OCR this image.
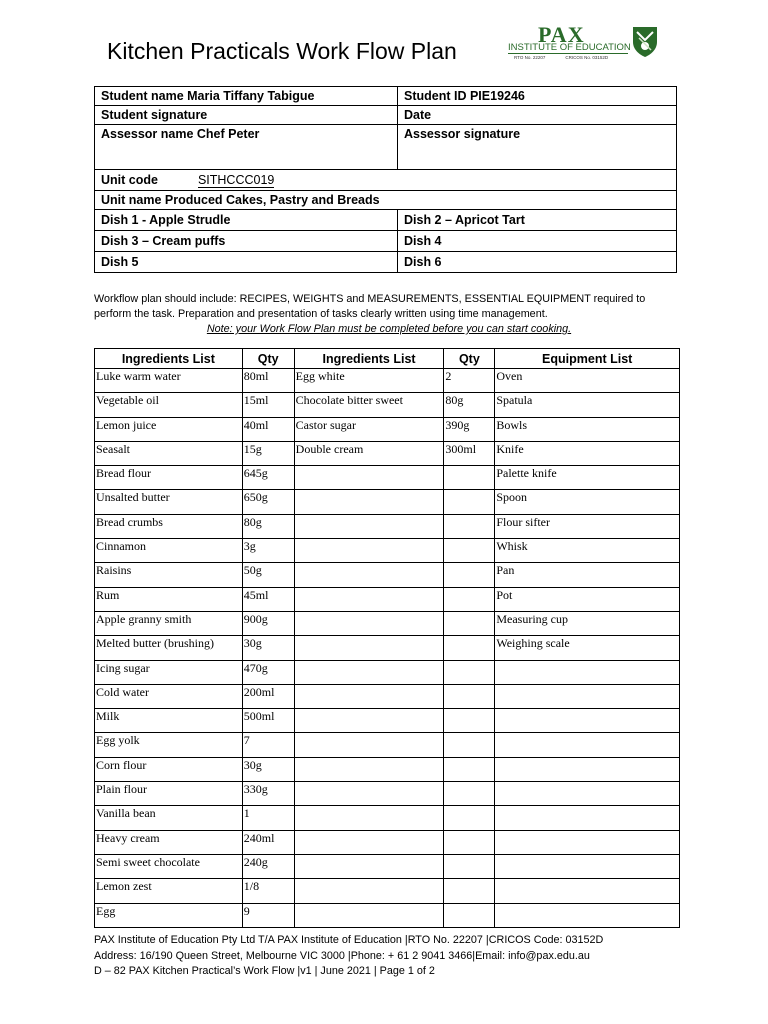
Kitchen Practicals Work Flow Plan
PAX
INSTITUTE OF EDUCATION
RTO No. 22207	CRICOS No. 03152D
Student name Maria Tiffany Tabigue	Student ID PIE19246
Student signature	Date
Assessor name Chef Peter	Assessor signature
Unit code SITHCCC019	
Unit name Produced Cakes, Pastry and Breads	
Dish 1 - Apple Strudle	Dish 2 – Apricot Tart
Dish 3 – Cream puffs	Dish 4
Dish 5	Dish 6
Workflow plan should include: RECIPES, WEIGHTS and MEASUREMENTS, ESSENTIAL EQUIPMENT required to perform the task. Preparation and presentation of tasks clearly written using time management.
Note: your Work Flow Plan must be completed before you can start cooking.
Ingredients List	Qty	Ingredients List	Qty	Equipment List
Luke warm water	80ml	Egg white	2	Oven
Vegetable oil	15ml	Chocolate bitter sweet	80g	Spatula
Lemon juice	40ml	Castor sugar	390g	Bowls
Seasalt	15g	Double cream	300ml	Knife
Bread flour	645g			Palette knife
Unsalted butter	650g			Spoon
Bread crumbs	80g			Flour sifter
Cinnamon	3g			Whisk
Raisins	50g			Pan
Rum	45ml			Pot
Apple granny smith	900g			Measuring cup
Melted butter (brushing)	30g			Weighing scale
Icing sugar	470g			
Cold water	200ml			
Milk	500ml			
Egg yolk	7			
Corn flour	30g			
Plain flour	330g			
Vanilla bean	1			
Heavy cream	240ml			
Semi sweet chocolate	240g			
Lemon zest	1/8			
Egg	9			
PAX Institute of Education Pty Ltd T/A PAX Institute of Education |RTO No. 22207 |CRICOS Code: 03152D
Address: 16/190 Queen Street, Melbourne VIC 3000 |Phone: + 61 2 9041 3466|Email: info@pax.edu.au
D – 82 PAX Kitchen Practical’s Work Flow |v1 | June 2021 | Page 1 of 2
